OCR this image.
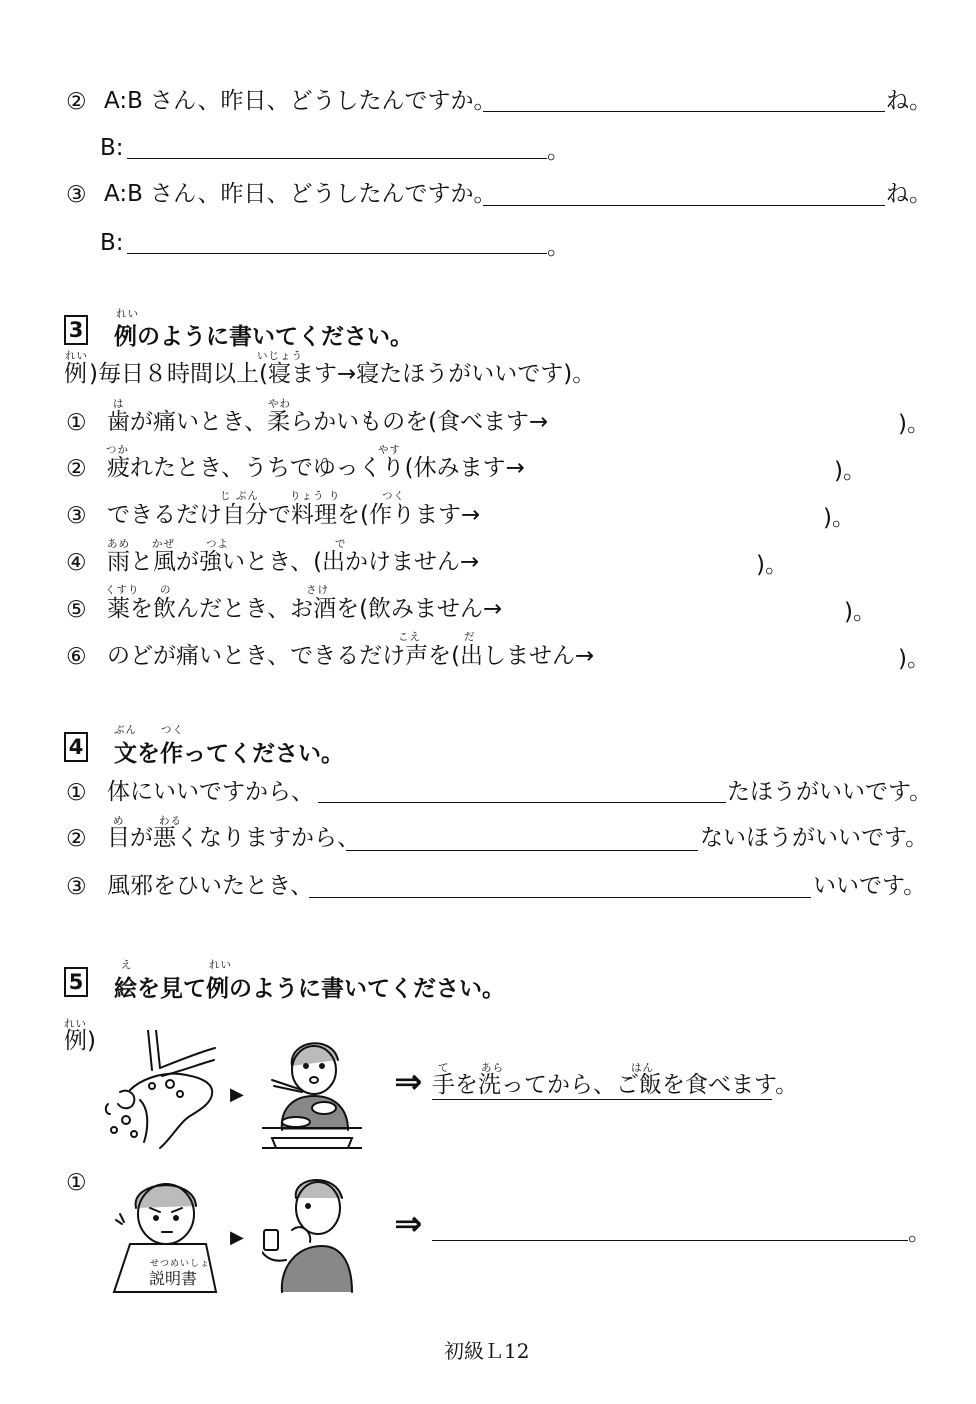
② A:B さん、昨日、どうしたんですか。	ね。
B:	。
③ A:B さん、昨日、どうしたんですか。	ね。
B:	。
3
れい
例のように書いてください。
れい	いじょう
例 )毎日８時間以上(寝ます→寝たほうがいいです)。
は	やわ
① 歯が痛いとき、柔らかいものを(食べます→	)。
つか	やす
② 疲れたとき、うちでゆっくり(休みます→	)。
じ ぶん	りょう り	つく
③ できるだけ自分で料理を(作ります→	)。
あめ かぜ	つよ	で
④ 雨と風が強いとき、(出かけません→	)。
くすり の	さけ
⑤ 薬を飲んだとき、お酒を(飲みません→	)。
こえ	だ
⑥ のどが痛いとき、できるだけ声を(出しません→	)。
4
ぶん つく
文を作ってください。
① 体にいいですから、	たほうがいいです。
め	わる
② 目が悪くなりますから、	ないほうがいいです。
③ 風邪をひいたとき、	いいです。
5
え	れい
絵を見て例のように書いてください。
れい
例)
▶	⇒ て	あら	はん
手を洗ってから、ご飯を食べます。
①
せつめいしょ
説明書
▶	⇒	。
初級Ｌ12
